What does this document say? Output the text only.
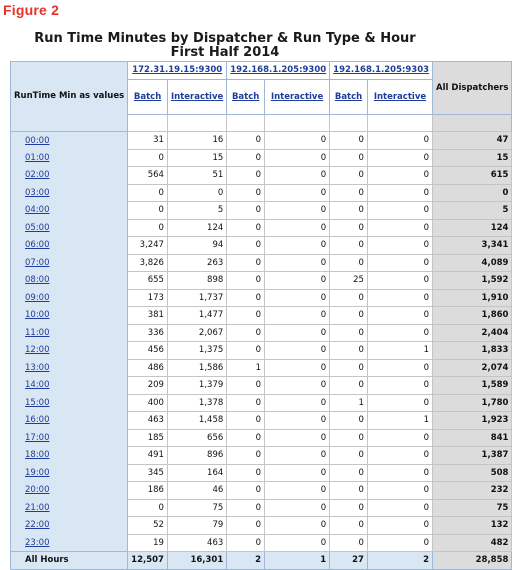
Figure 2
Run Time Minutes by Dispatcher & Run Type & Hour
First Half 2014
RunTime Min as values	172.31.19.15:9300		192.168.1.205:9300		192.168.1.205:9303		All Dispatchers
	Batch	Interactive	Batch	Interactive	Batch	Interactive	

00:00	31	16	0	0	0	0	47
01:00	0	15	0	0	0	0	15
02:00	564	51	0	0	0	0	615
03:00	0	0	0	0	0	0	0
04:00	0	5	0	0	0	0	5
05:00	0	124	0	0	0	0	124
06:00	3,247	94	0	0	0	0	3,341
07:00	3,826	263	0	0	0	0	4,089
08:00	655	898	0	0	25	0	1,592
09:00	173	1,737	0	0	0	0	1,910
10:00	381	1,477	0	0	0	0	1,860
11:00	336	2,067	0	0	0	0	2,404
12:00	456	1,375	0	0	0	1	1,833
13:00	486	1,586	1	0	0	0	2,074
14:00	209	1,379	0	0	0	0	1,589
15:00	400	1,378	0	0	1	0	1,780
16:00	463	1,458	0	0	0	1	1,923
17:00	185	656	0	0	0	0	841
18:00	491	896	0	0	0	0	1,387
19:00	345	164	0	0	0	0	508
20:00	186	46	0	0	0	0	232
21:00	0	75	0	0	0	0	75
22:00	52	79	0	0	0	0	132
23:00	19	463	0	0	0	0	482
All Hours	12,507	16,301	2	1	27	2	28,858
